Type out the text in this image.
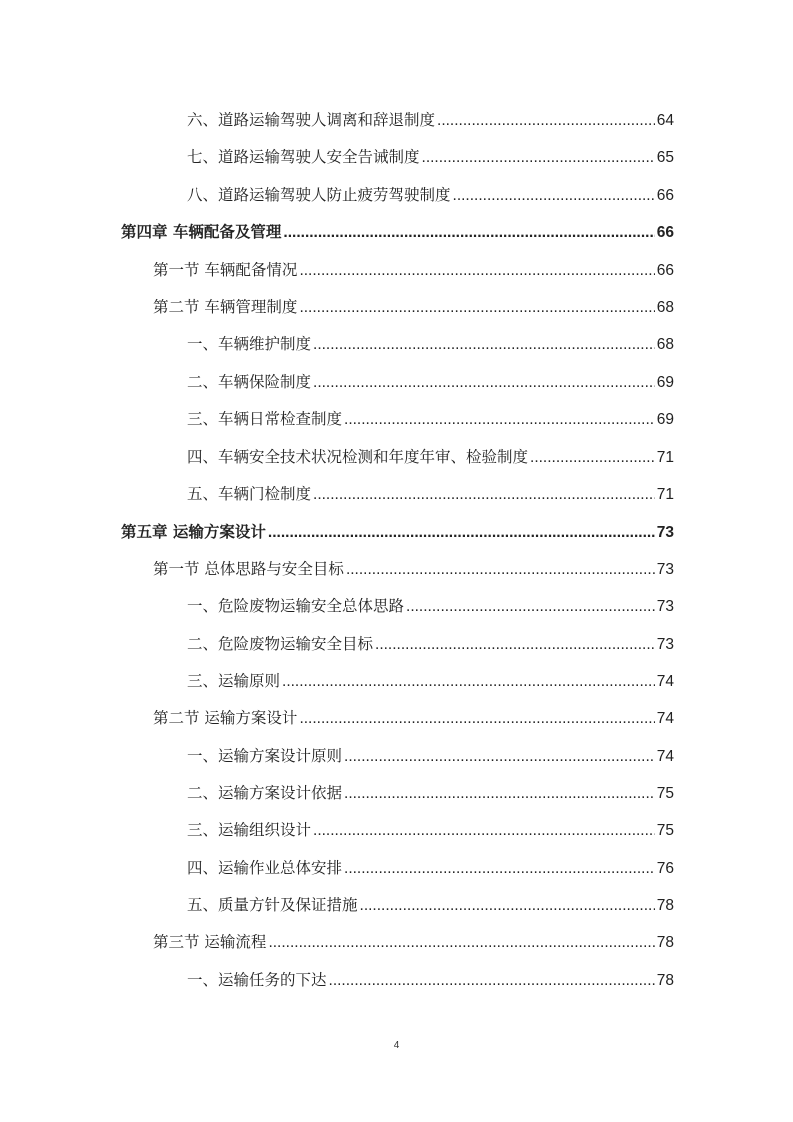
六、道路运输驾驶人调离和辞退制度 .....	64
七、道路运输驾驶人安全告诫制度 .....	65
八、道路运输驾驶人防止疲劳驾驶制度 .....	66
第四章 车辆配备及管理 .....	66
第一节 车辆配备情况 .....	66
第二节 车辆管理制度 .....	68
一、车辆维护制度 .....	68
二、车辆保险制度 .....	69
三、车辆日常检查制度 .....	69
四、车辆安全技术状况检测和年度年审、检验制度 .....	71
五、车辆门检制度 .....	71
第五章 运输方案设计 .....	73
第一节 总体思路与安全目标 .....	73
一、危险废物运输安全总体思路 .....	73
二、危险废物运输安全目标 .....	73
三、运输原则 .....	74
第二节 运输方案设计 .....	74
一、运输方案设计原则 .....	74
二、运输方案设计依据 .....	75
三、运输组织设计 .....	75
四、运输作业总体安排 .....	76
五、质量方针及保证措施 .....	78
第三节 运输流程 .....	78
一、运输任务的下达 .....	78
4
